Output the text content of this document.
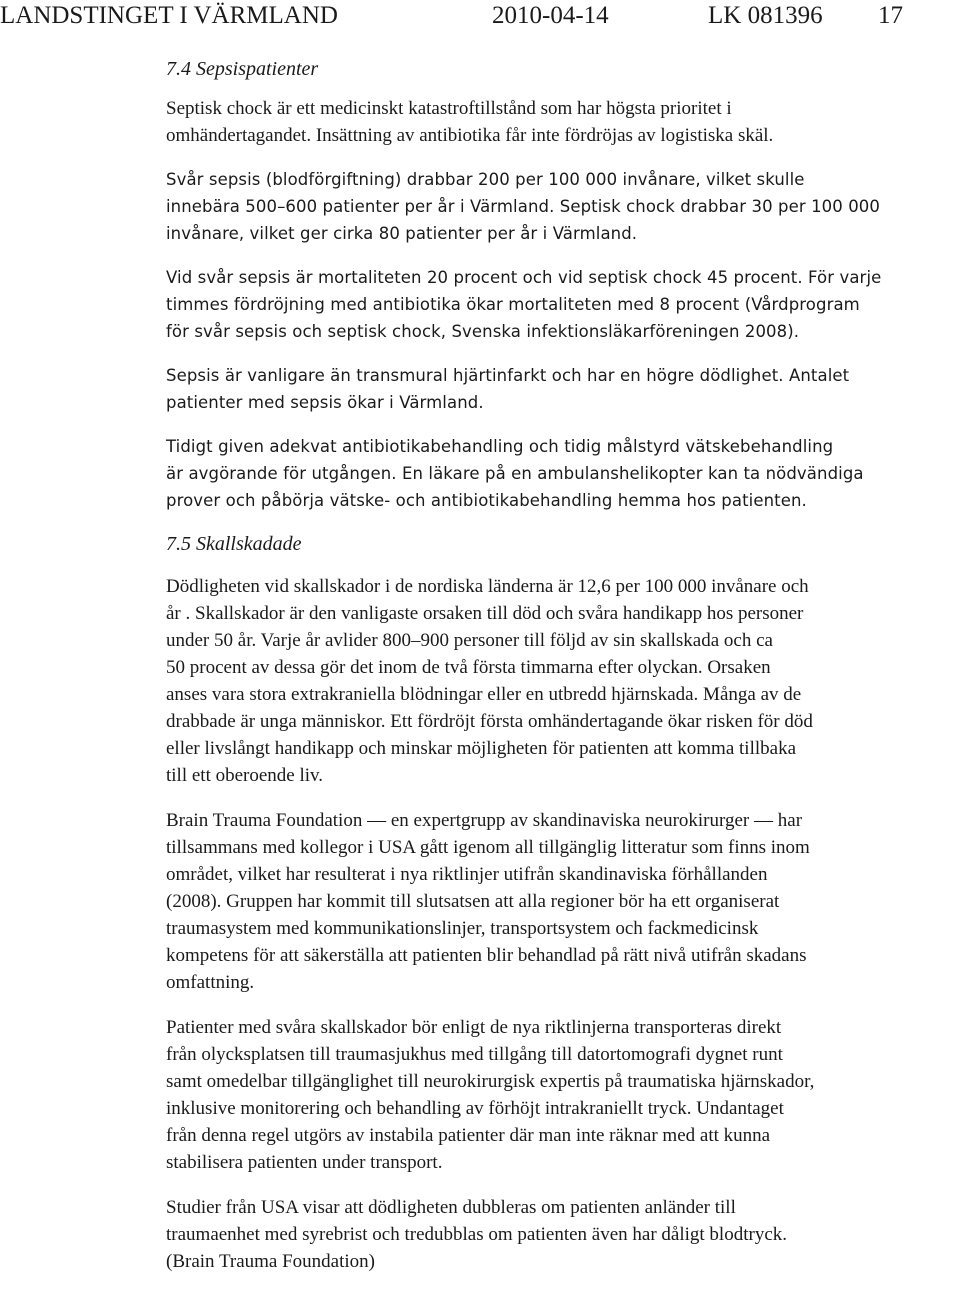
LANDSTINGET I VÄRMLAND	2010-04-14	LK 081396 17
7.4 Sepsispatienter

Septisk chock är ett medicinskt katastroftillstånd som har högsta prioritet i

omhändertagandet. Insättning av antibiotika får inte fördröjas av logistiska skäl.

Svår sepsis (blodförgiftning) drabbar 200 per 100 000 invånare, vilket skulle

innebära 500–600 patienter per år i Värmland. Septisk chock drabbar 30 per 100 000

invånare, vilket ger cirka 80 patienter per år i Värmland.

Vid svår sepsis är mortaliteten 20 procent och vid septisk chock 45 procent. För varje

timmes fördröjning med antibiotika ökar mortaliteten med 8 procent (Vårdprogram

för svår sepsis och septisk chock, Svenska infektionsläkarföreningen 2008).

Sepsis är vanligare än transmural hjärtinfarkt och har en högre dödlighet. Antalet

patienter med sepsis ökar i Värmland.

Tidigt given adekvat antibiotikabehandling och tidig målstyrd vätskebehandling

är avgörande för utgången. En läkare på en ambulanshelikopter kan ta nödvändiga

prover och påbörja vätske- och antibiotikabehandling hemma hos patienten.

7.5 Skallskadade

Dödligheten vid skallskador i de nordiska länderna är 12,6 per 100 000 invånare och

år . Skallskador är den vanligaste orsaken till död och svåra handikapp hos personer

under 50 år. Varje år avlider 800–900 personer till följd av sin skallskada och ca

50 procent av dessa gör det inom de två första timmarna efter olyckan. Orsaken

anses vara stora extrakraniella blödningar eller en utbredd hjärnskada. Många av de

drabbade är unga människor. Ett fördröjt första omhändertagande ökar risken för död

eller livslångt handikapp och minskar möjligheten för patienten att komma tillbaka

till ett oberoende liv.

Brain Trauma Foundation — en expertgrupp av skandinaviska neurokirurger — har

tillsammans med kollegor i USA gått igenom all tillgänglig litteratur som finns inom

området, vilket har resulterat i nya riktlinjer utifrån skandinaviska förhållanden

(2008). Gruppen har kommit till slutsatsen att alla regioner bör ha ett organiserat

traumasystem med kommunikationslinjer, transportsystem och fackmedicinsk

kompetens för att säkerställa att patienten blir behandlad på rätt nivå utifrån skadans

omfattning.

Patienter med svåra skallskador bör enligt de nya riktlinjerna transporteras direkt

från olycksplatsen till traumasjukhus med tillgång till datortomografi dygnet runt

samt omedelbar tillgänglighet till neurokirurgisk expertis på traumatiska hjärnskador,

inklusive monitorering och behandling av förhöjt intrakraniellt tryck. Undantaget

från denna regel utgörs av instabila patienter där man inte räknar med att kunna

stabilisera patienten under transport.

Studier från USA visar att dödligheten dubbleras om patienten anländer till

traumaenhet med syrebrist och tredubblas om patienten även har dåligt blodtryck.

(Brain Trauma Foundation)
